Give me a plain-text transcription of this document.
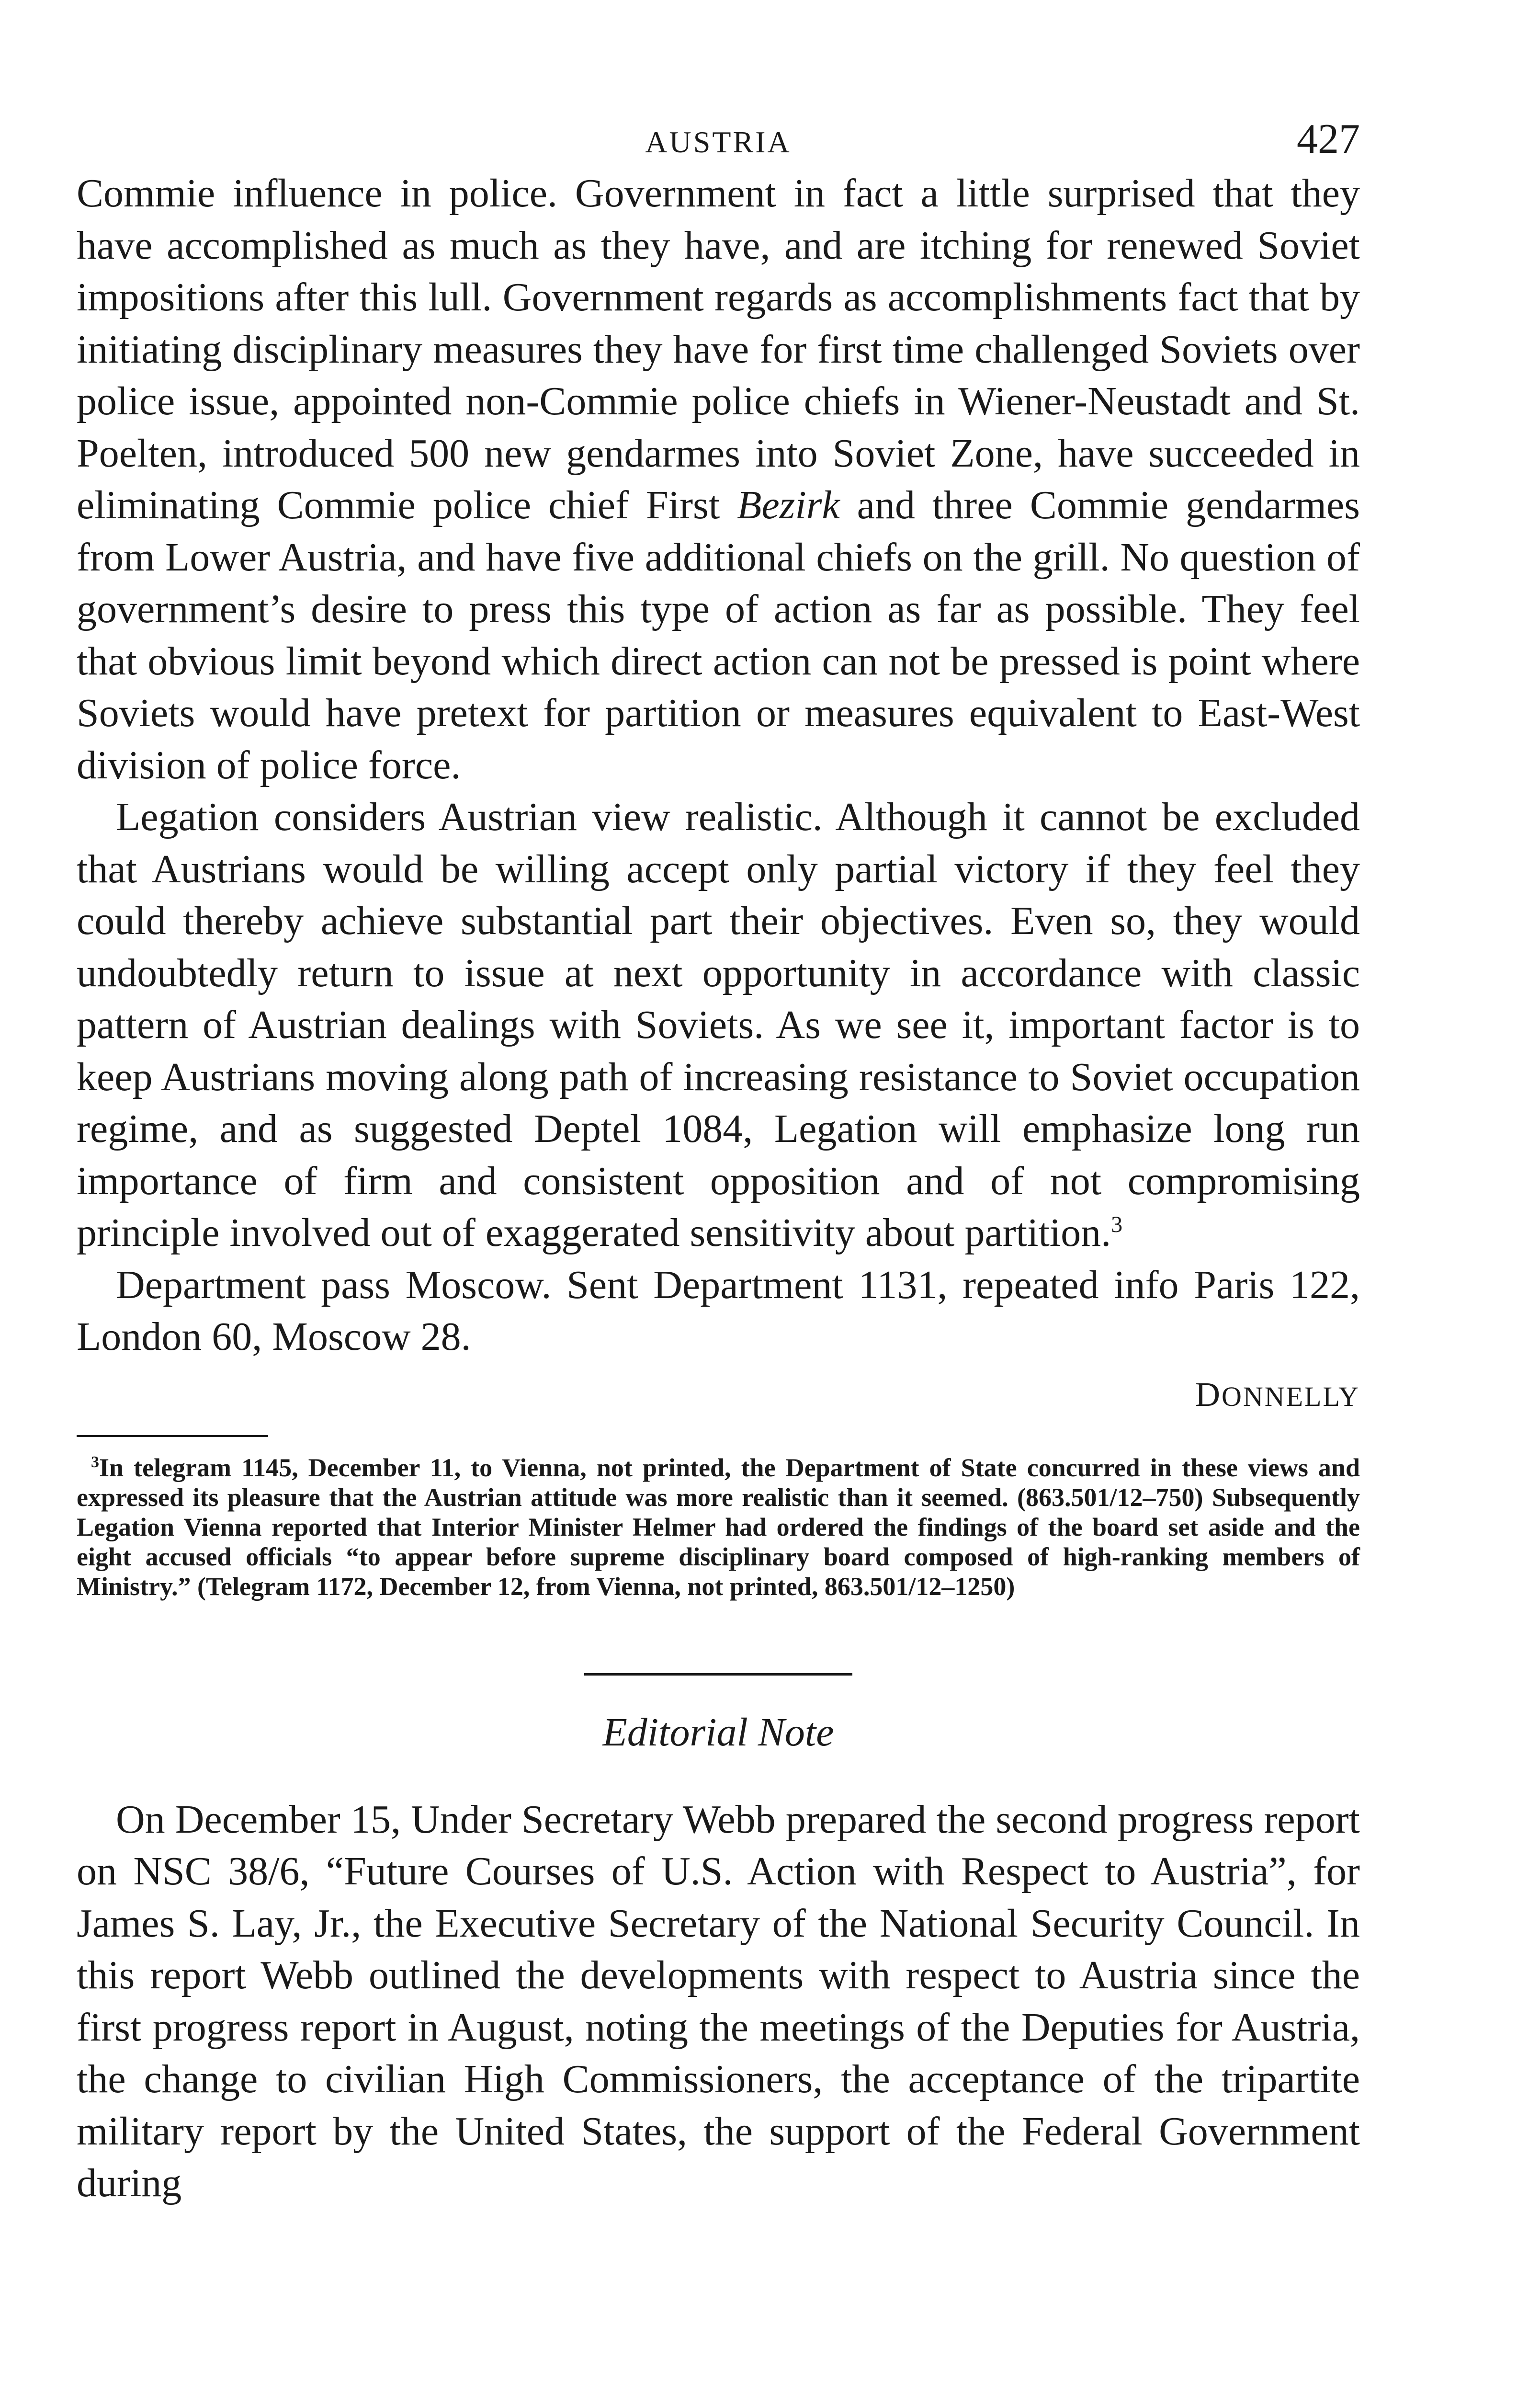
AUSTRIA	427

Commie influence in police. Government in fact a little surprised that they have accomplished as much as they have, and are itching for renewed Soviet impositions after this lull. Government regards as accomplishments fact that by initiating disciplinary measures they have for first time challenged Soviets over police issue, appointed non-Commie police chiefs in Wiener-Neustadt and St. Poelten, introduced 500 new gendarmes into Soviet Zone, have succeeded in eliminating Commie police chief First Bezirk and three Commie gendarmes from Lower Austria, and have five additional chiefs on the grill. No question of government’s desire to press this type of action as far as possible. They feel that obvious limit beyond which direct action can not be pressed is point where Soviets would have pretext for partition or measures equivalent to East-West division of police force.

Legation considers Austrian view realistic. Although it cannot be excluded that Austrians would be willing accept only partial victory if they feel they could thereby achieve substantial part their objectives. Even so, they would undoubtedly return to issue at next opportunity in accordance with classic pattern of Austrian dealings with Soviets. As we see it, important factor is to keep Austrians moving along path of increasing resistance to Soviet occupation regime, and as suggested Deptel 1084, Legation will emphasize long run importance of firm and consistent opposition and of not compromising principle involved out of exaggerated sensitivity about partition.$^3$

Department pass Moscow. Sent Department 1131, repeated info Paris 122, London 60, Moscow 28.

DONNELLY

$^3$In telegram 1145, December 11, to Vienna, not printed, the Department of State concurred in these views and expressed its pleasure that the Austrian attitude was more realistic than it seemed. (863.501/12–750) Subsequently Legation Vienna reported that Interior Minister Helmer had ordered the findings of the board set aside and the eight accused officials “to appear before supreme disciplinary board composed of high-ranking members of Ministry.” (Telegram 1172, December 12, from Vienna, not printed, 863.501/12–1250)

Editorial Note

On December 15, Under Secretary Webb prepared the second progress report on NSC 38/6, “Future Courses of U.S. Action with Respect to Austria”, for James S. Lay, Jr., the Executive Secretary of the National Security Council. In this report Webb outlined the developments with respect to Austria since the first progress report in August, noting the meetings of the Deputies for Austria, the change to civilian High Commissioners, the acceptance of the tripartite military report by the United States, the support of the Federal Government during
